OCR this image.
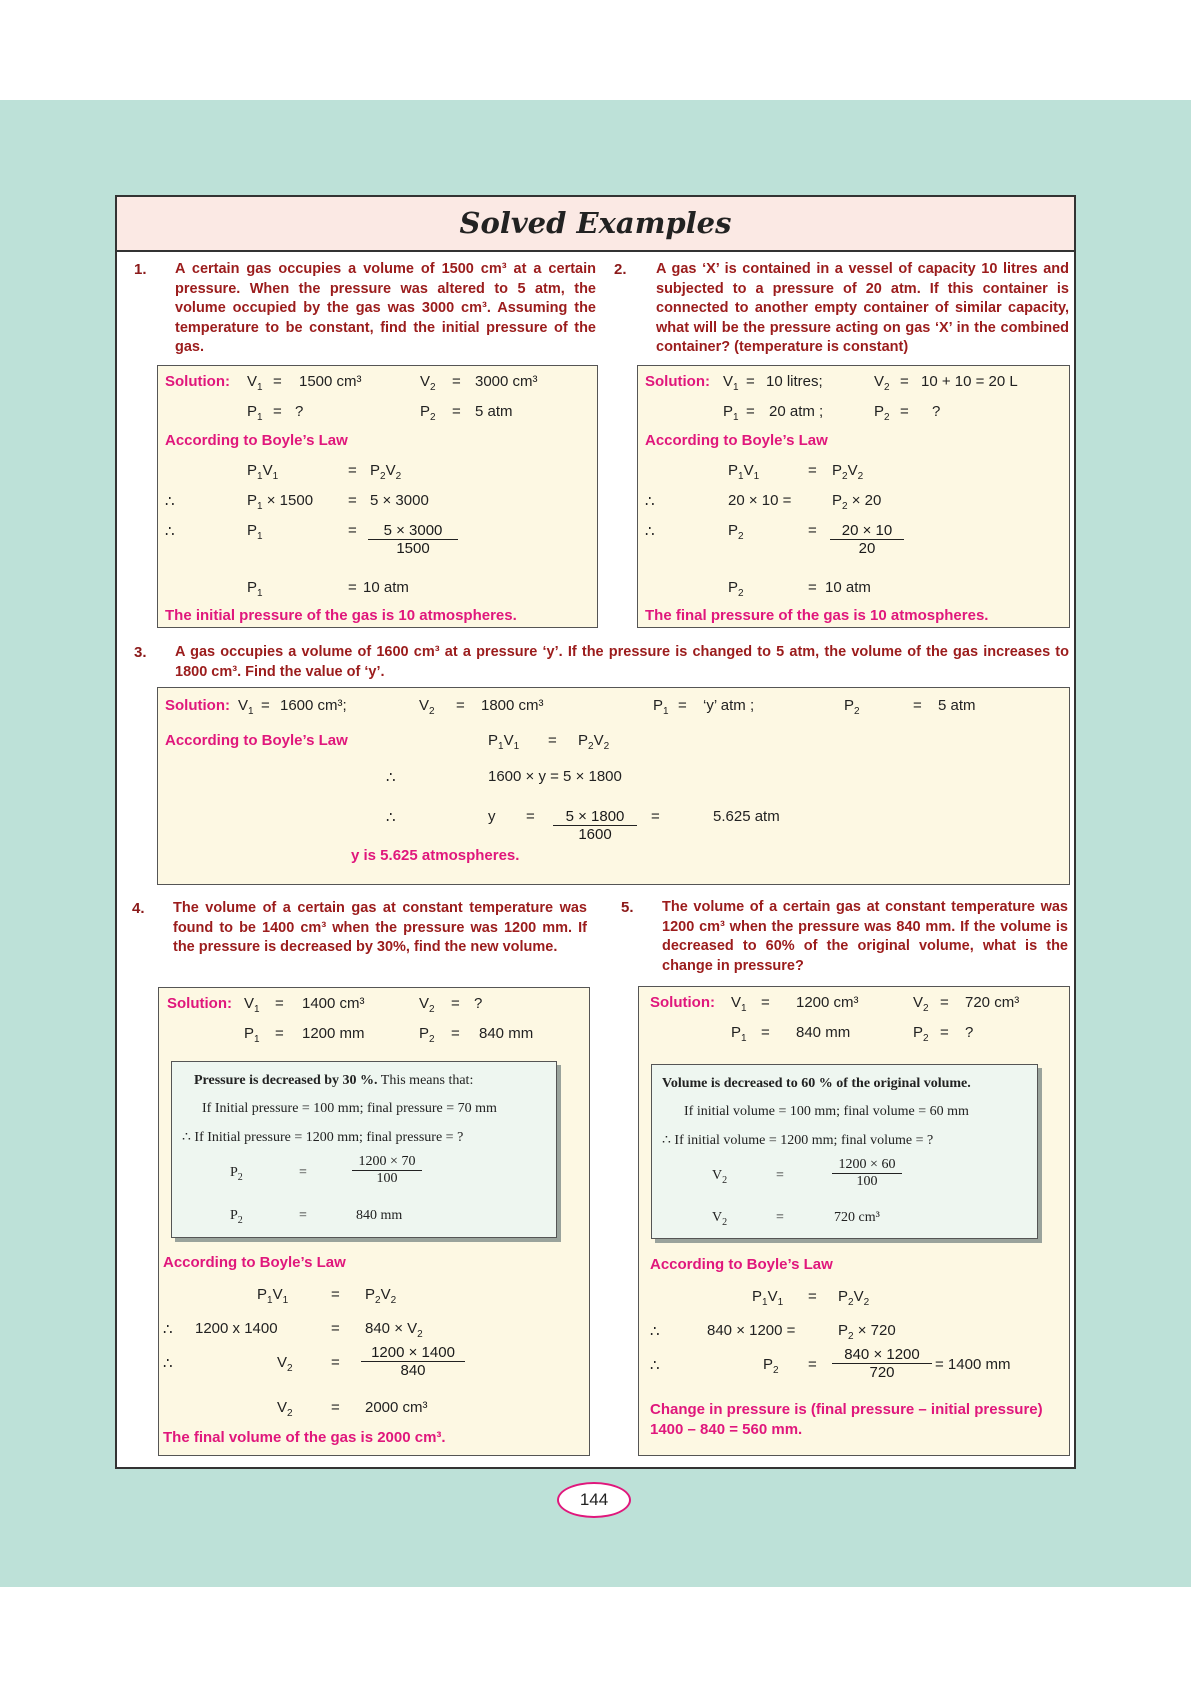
Solved Examples
1. A certain gas occupies a volume of 1500 cm³ at a certain pressure. When the pressure was altered to 5 atm, the volume occupied by the gas was 3000 cm³. Assuming the temperature to be constant, find the initial pressure of the gas.

Solution: $V_1 = 1500$ cm³	$V_2 = 3000$ cm³
$P_1$ = ?	$P_2 = 5$ atm
According to Boyle’s Law
$P_1V_1$	= $P_2V_2$
∴	$P_1 \times 1500 = 5 \times 3000$
∴	$P_1$	= $\frac{5 \times 3000}{1500}$
$P_1$	= 10 atm
The initial pressure of the gas is 10 atmospheres.
2. A gas ‘X’ is contained in a vessel of capacity 10 litres and subjected to a pressure of 20 atm. If this container is connected to another empty container of similar capacity, what will be the pressure acting on gas ‘X’ in the combined container? (temperature is constant)

Solution: $V_1 = 10$ litres;	$V_2 = 10 + 10 = 20$ L
$P_1 = 20$ atm ;	$P_2$ = ?
According to Boyle’s Law
$P_1V_1$	= $P_2V_2$
∴	20 × 10 =	$P_2 \times 20$
∴	$P_2$	= $\frac{20 \times 10}{20}$
$P_2$	= 10 atm
The final pressure of the gas is 10 atmospheres.
3. A gas occupies a volume of 1600 cm³ at a pressure ‘y’. If the pressure is changed to 5 atm, the volume of the gas increases to 1800 cm³. Find the value of ‘y’.

Solution: $V_1 = 1600$ cm³;	$V_2 = 1800$ cm³	$P_1$ = ‘y’ atm ;	$P_2$	= 5 atm
According to Boyle’s Law	$P_1V_1 = P_2V_2$
∴	1600 × y = 5 × 1800
∴	$y = \frac{5 \times 1800}{1600}$ =	5.625 atm
y is 5.625 atmospheres.
4. The volume of a certain gas at constant temperature was found to be 1400 cm³ when the pressure was 1200 mm. If the pressure is decreased by 30%, find the new volume.

Solution: $V_1 = 1400$ cm³	$V_2$ = ?
$P_1 = 1200$ mm	$P_2 = 840$ mm
Pressure is decreased by 30 %. This means that:
If Initial pressure = 100 mm; final pressure = 70 mm
∴ If Initial pressure = 1200 mm; final pressure = ?
$P_2$	=	$\frac{1200 \times 70}{100}$
$P_2$	=	840 mm
According to Boyle’s Law
$P_1V_1$	= $P_2V_2$
∴ 1200 x 1400	= $840 \times V_2$
∴	$V_2$	= $\frac{1200 \times 1400}{840}$
$V_2$	= 2000 cm³
The final volume of the gas is 2000 cm³.
5. The volume of a certain gas at constant temperature was 1200 cm³ when the pressure was 840 mm. If the volume is decreased to 60% of the original volume, what is the change in pressure?

Solution: $V_1 = 1200$ cm³	$V_2 = 720$ cm³
$P_1 = 840$ mm	$P_2$ = ?
Volume is decreased to 60 % of the original volume.
If initial volume = 100 mm; final volume = 60 mm
∴ If initial volume = 1200 mm; final volume = ?
$V_2$	=	$\frac{1200 \times 60}{100}$
$V_2$	=	720 cm³
According to Boyle’s Law
$P_1V_1 = P_2V_2$
∴	840 × 1200 =	$P_2 \times 720$
∴	$P_2 = \frac{840 \times 1200}{720} = 1400$ mm
Change in pressure is (final pressure – initial pressure)
1400 – 840 = 560 mm.
144
